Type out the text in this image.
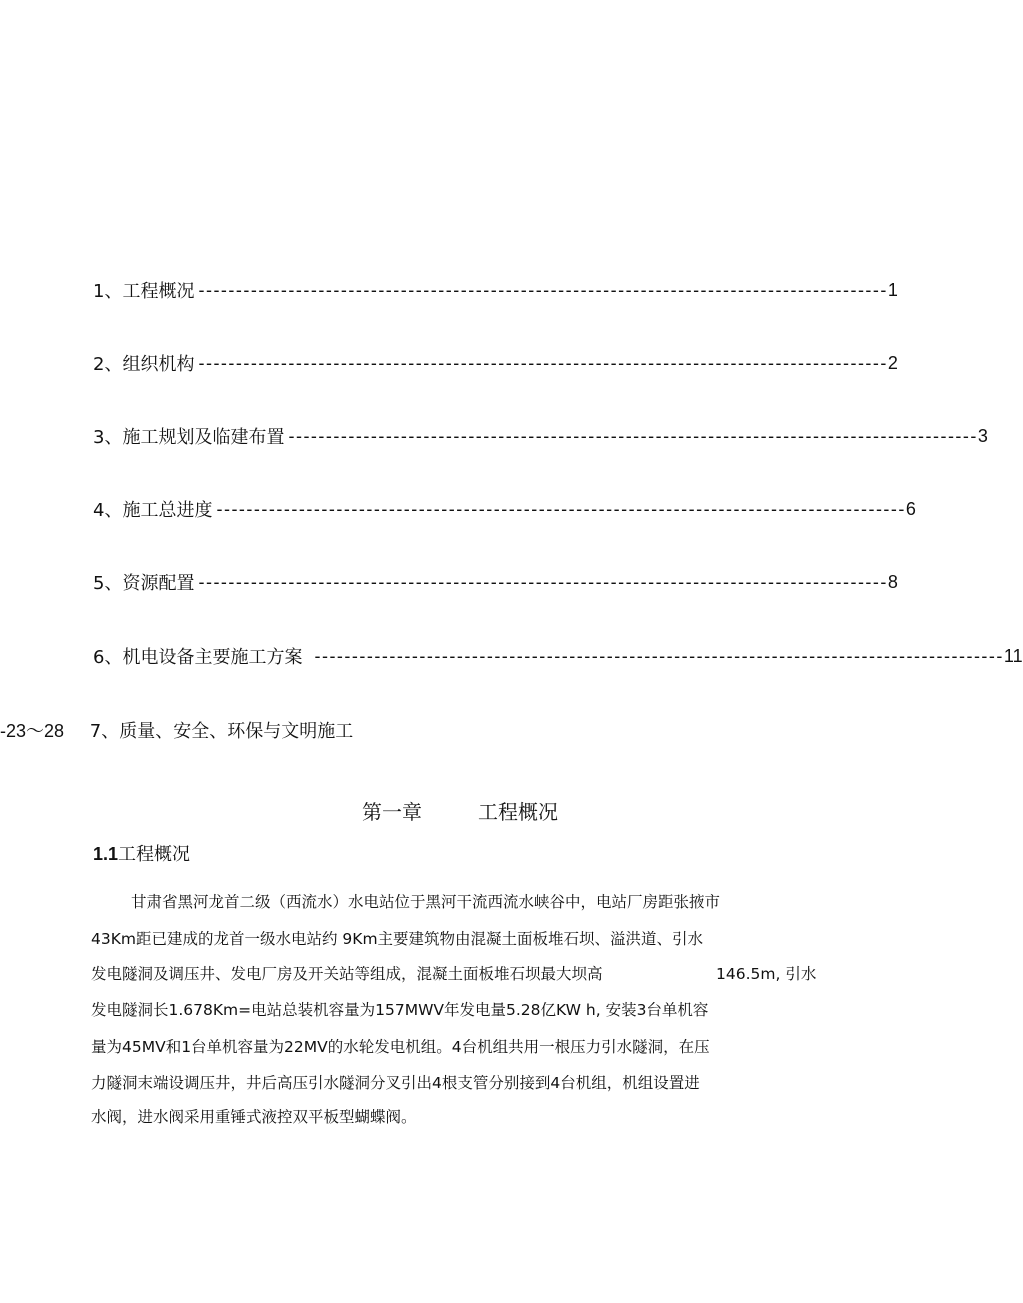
1、 工程概况 -------------------------------------------------------------------------------------------- 1
2、 组织机构 -------------------------------------------------------------------------------------------- 2
3、 施工规划及临建布置 -------------------------------------------------------------------------------------------- 3
4、 施工总进度 -------------------------------------------------------------------------------------------- 6
5、 资源配置 -------------------------------------------------------------------------------------------- 8
6、 机电设备主要施工方案 -------------------------------------------------------------------------------------------- 11
-23～28 7、质量、安全、环保与文明施工
第一章	工程概况
1.1工程概况
甘肃省黑河龙首二级（西流水）水电站位于黑河干流西流水峡谷中，电站厂房距张掖市
43Km距已建成的龙首一级水电站约 9Km主要建筑物由混凝土面板堆石坝、溢洪道、引水
发电隧洞及调压井、发电厂房及开关站等组成，混凝土面板堆石坝最大坝高	146.5m, 引水
发电隧洞长1.678Km=电站总装机容量为157MWV年发电量5.28亿KW h, 安装3台单机容
量为45MV和1台单机容量为22MV的水轮发电机组。4台机组共用一根压力引水隧洞，在压
力隧洞末端设调压井，井后高压引水隧洞分叉引出4根支管分别接到4台机组，机组设置进
水阀，进水阀采用重锤式液控双平板型蝴蝶阀。
